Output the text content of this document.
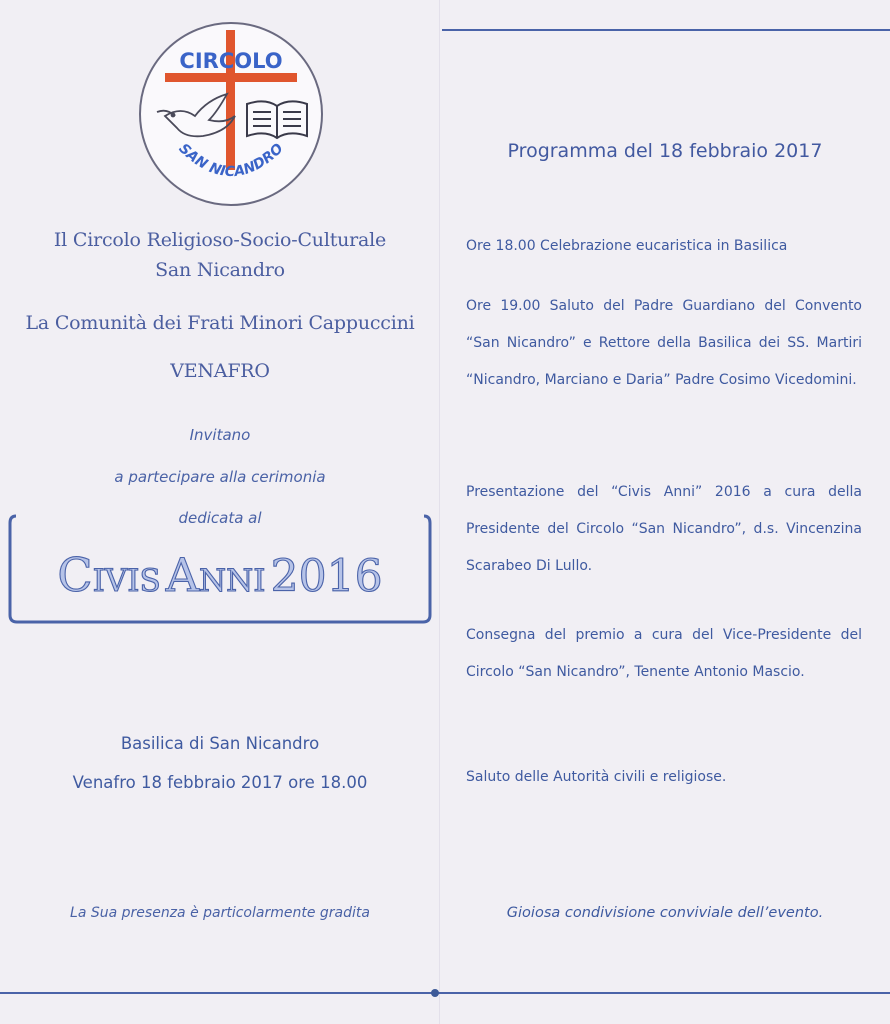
CIRCOLO
SAN NICANDRO
Il Circolo Religioso-Socio-Culturale
San Nicandro
La Comunità dei Frati Minori Cappuccini
VENAFRO
Invitano
a partecipare alla cerimonia
dedicata al
CIVIS ANNI 2016
Basilica di San Nicandro
Venafro 18 febbraio 2017 ore 18.00
La Sua presenza è particolarmente gradita
Programma del 18 febbraio 2017

Ore 18.00 Celebrazione eucaristica in Basilica

Ore 19.00 Saluto del Padre Guardiano del Convento “San Nicandro” e Rettore della Basilica dei SS. Martiri “Nicandro, Marciano e Daria” Padre Cosimo Vicedomini.

Presentazione del “Civis Anni” 2016 a cura della Presidente del Circolo “San Nicandro”, d.s. Vincenzina Scarabeo Di Lullo.

Consegna del premio a cura del Vice-Presidente del Circolo “San Nicandro”, Tenente Antonio Mascio.

Saluto delle Autorità civili e religiose.

Gioiosa condivisione conviviale dell’evento.
